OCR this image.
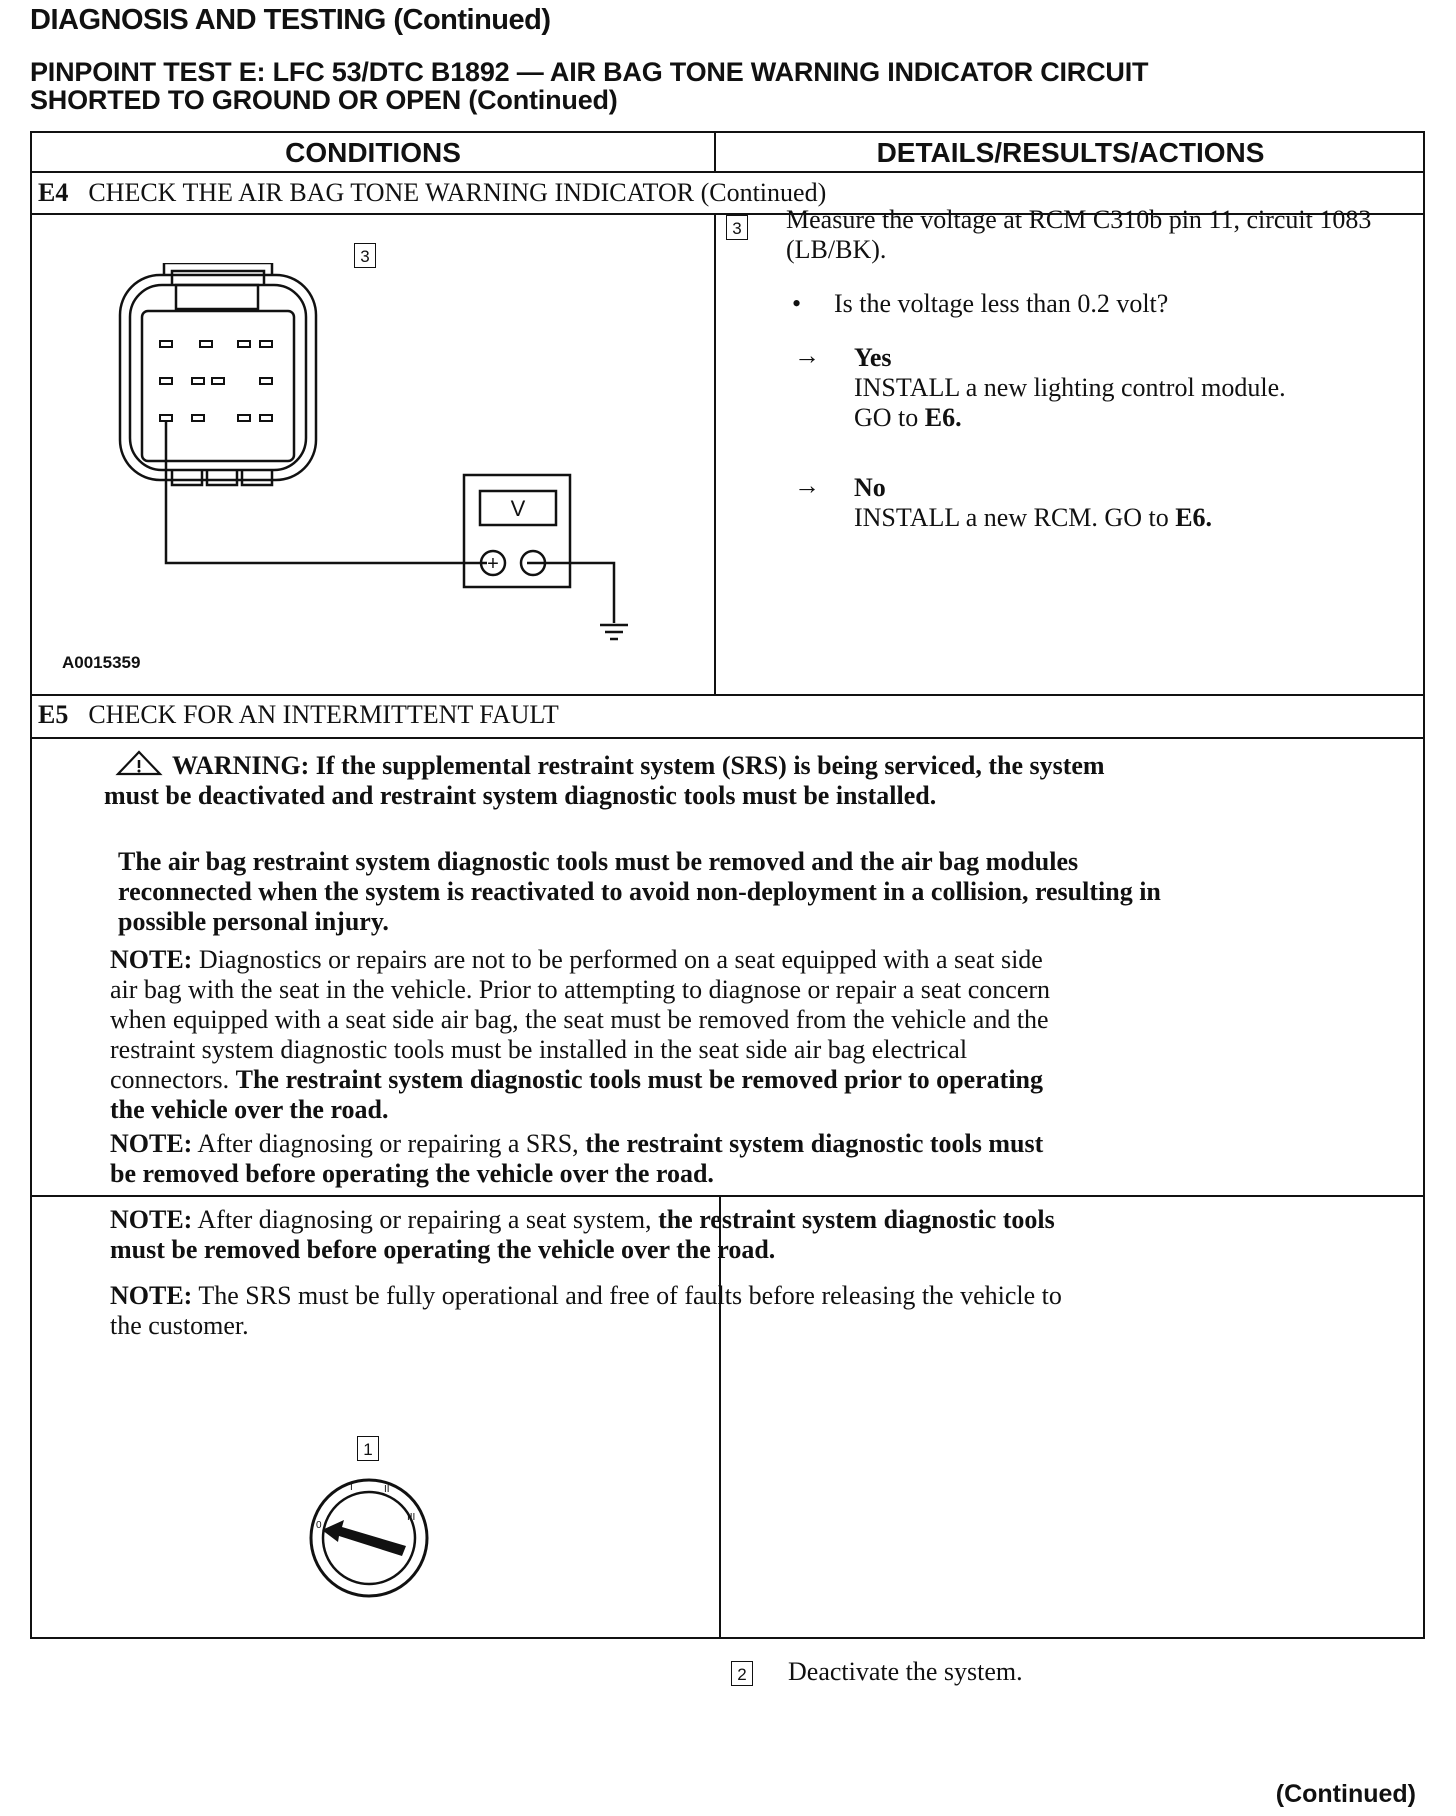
DIAGNOSIS AND TESTING (Continued)
PINPOINT TEST E: LFC 53/DTC B1892 — AIR BAG TONE WARNING INDICATOR CIRCUIT
SHORTED TO GROUND OR OPEN (Continued)
CONDITIONS	DETAILS/RESULTS/ACTIONS
E4 CHECK THE AIR BAG TONE WARNING INDICATOR (Continued)
3
V
+ -
A0015359
3 Measure the voltage at RCM C310b pin 11, circuit 1083 (LB/BK).
• Is the voltage less than 0.2 volt?
→ Yes
INSTALL a new lighting control module.
GO to E6.
→ No
INSTALL a new RCM. GO to E6.
E5 CHECK FOR AN INTERMITTENT FAULT
WARNING: If the supplemental restraint system (SRS) is being serviced, the system
must be deactivated and restraint system diagnostic tools must be installed.
The air bag restraint system diagnostic tools must be removed and the air bag modules
reconnected when the system is reactivated to avoid non-deployment in a collision, resulting in
possible personal injury.
NOTE: Diagnostics or repairs are not to be performed on a seat equipped with a seat side
air bag with the seat in the vehicle. Prior to attempting to diagnose or repair a seat concern
when equipped with a seat side air bag, the seat must be removed from the vehicle and the
restraint system diagnostic tools must be installed in the seat side air bag electrical
connectors. The restraint system diagnostic tools must be removed prior to operating
the vehicle over the road.
NOTE: After diagnosing or repairing a SRS, the restraint system diagnostic tools must
be removed before operating the vehicle over the road.
NOTE: After diagnosing or repairing a seat system, the restraint system diagnostic tools
must be removed before operating the vehicle over the road.
NOTE: The SRS must be fully operational and free of faults before releasing the vehicle to
the customer.
1
0
I	II
III
2 Deactivate the system.
(Continued)
